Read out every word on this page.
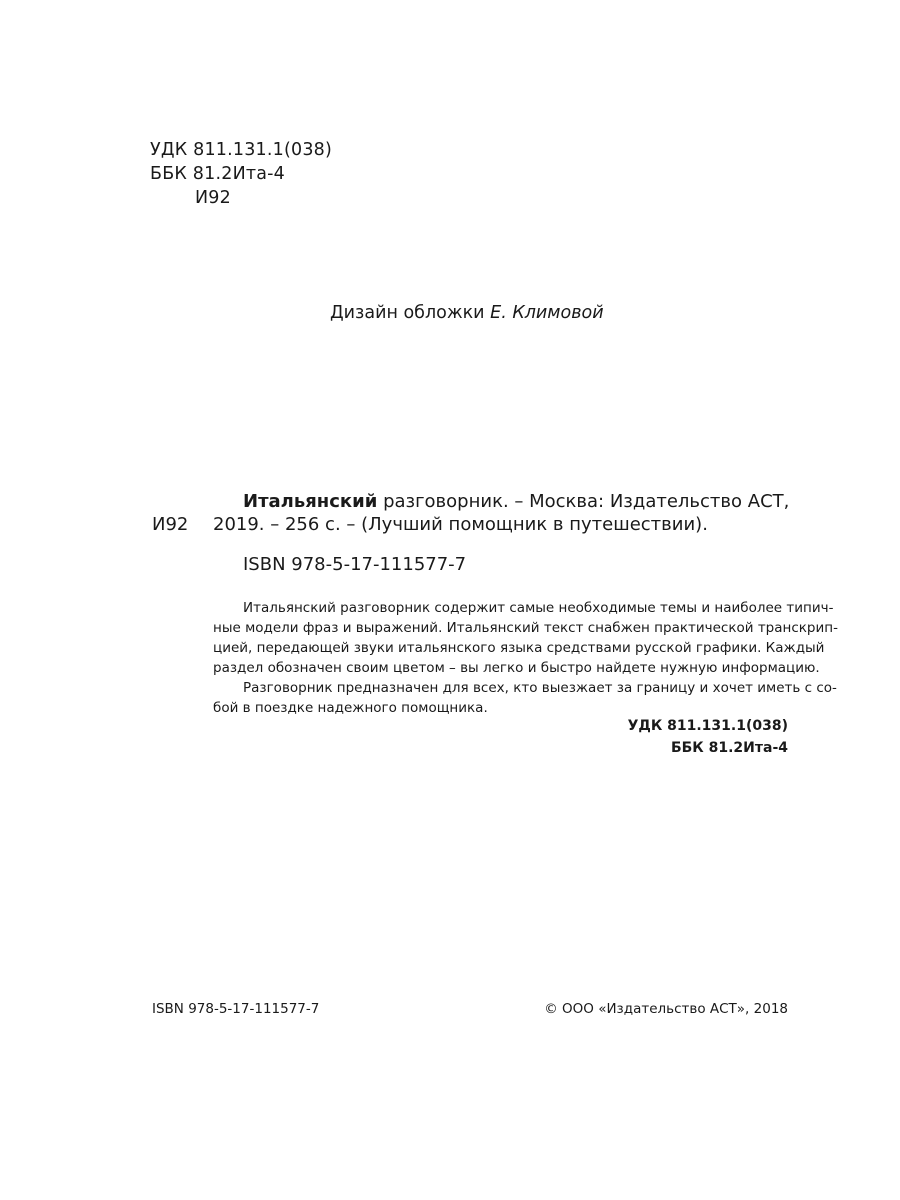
УДК 811.131.1(038)
ББК 81.2Ита-4
И92
Дизайн обложки Е. Климовой
И92
Итальянский разговорник. – Москва: Издательство АСТ,
2019. – 256 с. – (Лучший помощник в путешествии).
ISBN 978-5-17-111577-7
Итальянский разговорник содержит самые необходимые темы и наиболее типич-
ные модели фраз и выражений. Итальянский текст снабжен практической транскрип-
цией, передающей звуки итальянского языка средствами русской графики. Каждый
раздел обозначен своим цветом – вы легко и быстро найдете нужную информацию.
Разговорник предназначен для всех, кто выезжает за границу и хочет иметь с со-
бой в поездке надежного помощника.
УДК 811.131.1(038)
ББК 81.2Ита-4
ISBN 978-5-17-111577-7	© ООО «Издательство АСТ», 2018
